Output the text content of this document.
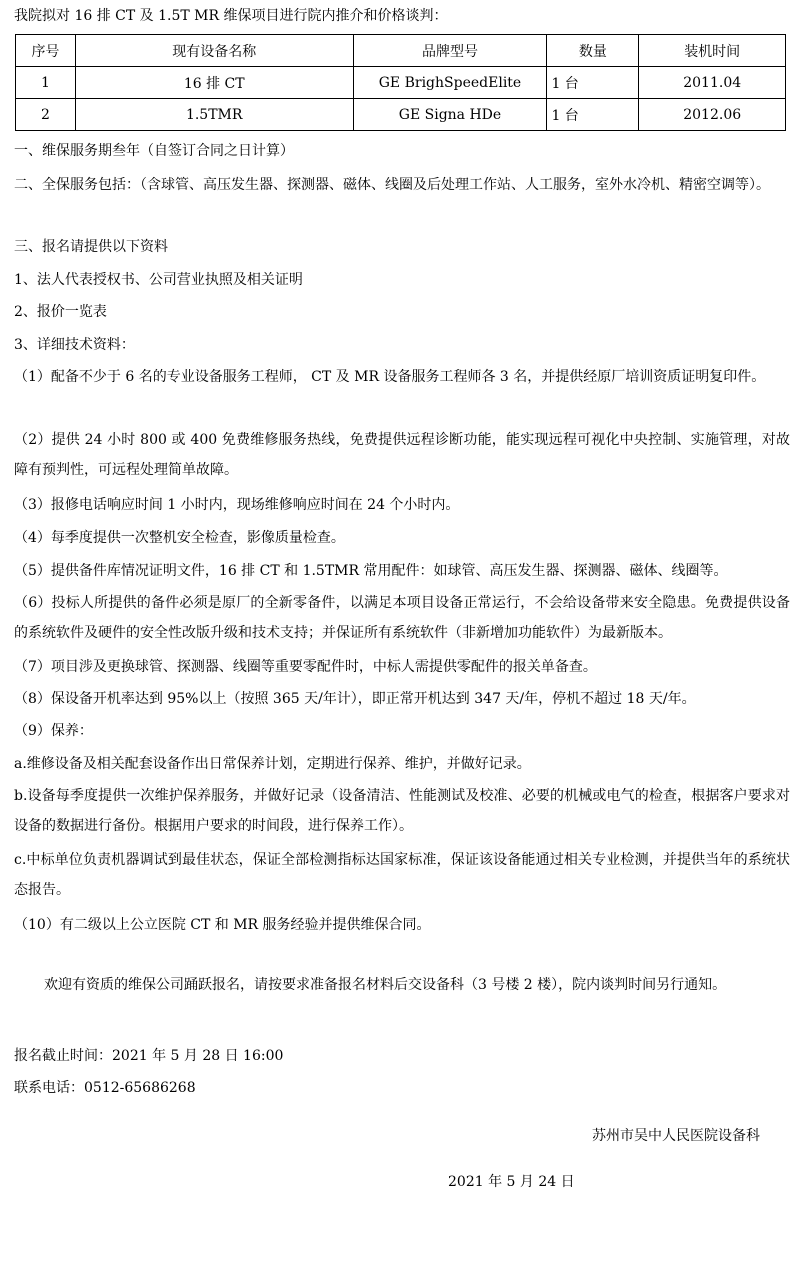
我院拟对 16 排 CT 及 1.5T MR 维保项目进行院内推介和价格谈判：
序号	现有设备名称	品牌型号	数量	装机时间
1	16 排 CT	GE BrighSpeedElite	1 台	2011.04
2	1.5TMR	GE Signa HDe	1 台	2012.06
一、维保服务期叁年（自签订合同之日计算）
二、全保服务包括：（含球管、高压发生器、探测器、磁体、线圈及后处理工作站、人工服务，室外水冷机、精密空调等）。
三、报名请提供以下资料
1、法人代表授权书、公司营业执照及相关证明
2、报价一览表
3、详细技术资料：
（1）配备不少于 6 名的专业设备服务工程师， CT 及 MR 设备服务工程师各 3 名，并提供经原厂培训资质证明复印件。
（2）提供 24 小时 800 或 400 免费维修服务热线，免费提供远程诊断功能，能实现远程可视化中央控制、实施管理，对故障有预判性，可远程处理简单故障。
（3）报修电话响应时间 1 小时内，现场维修响应时间在 24 个小时内。
（4）每季度提供一次整机安全检查，影像质量检查。
（5）提供备件库情况证明文件，16 排 CT 和 1.5TMR 常用配件：如球管、高压发生器、探测器、磁体、线圈等。
（6）投标人所提供的备件必须是原厂的全新零备件，以满足本项目设备正常运行，不会给设备带来安全隐患。免费提供设备的系统软件及硬件的安全性改版升级和技术支持；并保证所有系统软件（非新增加功能软件）为最新版本。
（7）项目涉及更换球管、探测器、线圈等重要零配件时，中标人需提供零配件的报关单备查。
（8）保设备开机率达到 95%以上（按照 365 天/年计），即正常开机达到 347 天/年，停机不超过 18 天/年。
（9）保养：
a.维修设备及相关配套设备作出日常保养计划，定期进行保养、维护，并做好记录。
b.设备每季度提供一次维护保养服务，并做好记录（设备清洁、性能测试及校准、必要的机械或电气的检查，根据客户要求对设备的数据进行备份。根据用户要求的时间段，进行保养工作）。
c.中标单位负责机器调试到最佳状态，保证全部检测指标达国家标准，保证该设备能通过相关专业检测，并提供当年的系统状态报告。
（10）有二级以上公立医院 CT 和 MR 服务经验并提供维保合同。
欢迎有资质的维保公司踊跃报名，请按要求准备报名材料后交设备科（3 号楼 2 楼），院内谈判时间另行通知。
报名截止时间：2021 年 5 月 28 日 16:00
联系电话：0512-65686268
苏州市吴中人民医院设备科
2021 年 5 月 24 日
